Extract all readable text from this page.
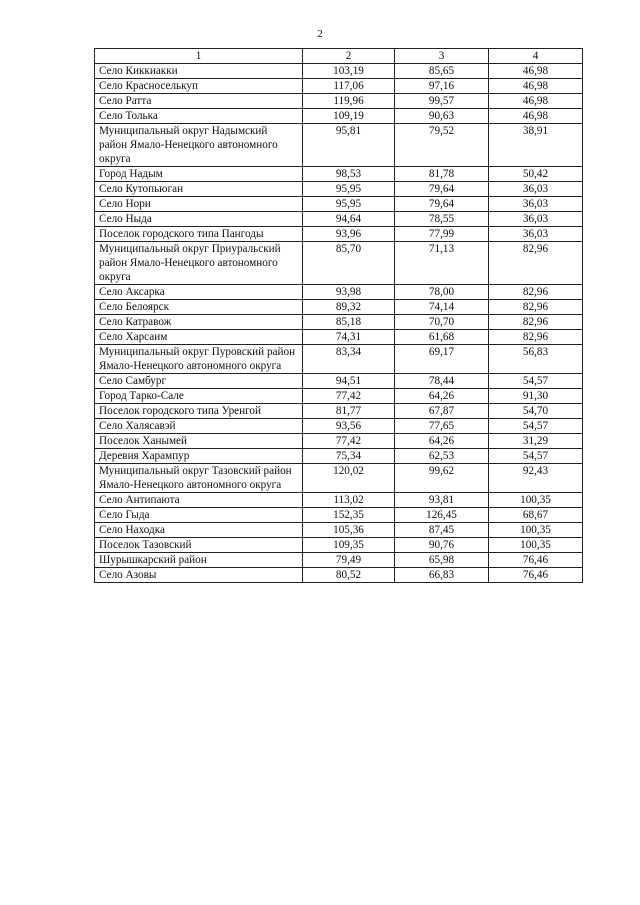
2
1	2	3	4
Село Киккиакки	103,19	85,65	46,98
Село Красноселькуп	117,06	97,16	46,98
Село Ратта	119,96	99,57	46,98
Село Толька	109,19	90,63	46,98
Муниципальный округ Надымский район Ямало-Ненецкого автономного округа	95,81	79,52	38,91
Город Надым	98,53	81,78	50,42
Село Кутопьюган	95,95	79,64	36,03
Село Нори	95,95	79,64	36,03
Село Ныда	94,64	78,55	36,03
Поселок городского типа Пангоды	93,96	77,99	36,03
Муниципальный округ Приуральский район Ямало-Ненецкого автономного округа	85,70	71,13	82,96
Село Аксарка	93,98	78,00	82,96
Село Белоярск	89,32	74,14	82,96
Село Катравож	85,18	70,70	82,96
Село Харсаим	74,31	61,68	82,96
Муниципальный округ Пуровский район Ямало-Ненецкого автономного округа	83,34	69,17	56,83
Село Самбург	94,51	78,44	54,57
Город Тарко-Сале	77,42	64,26	91,30
Поселок городского типа Уренгой	81,77	67,87	54,70
Село Халясавэй	93,56	77,65	54,57
Поселок Ханымей	77,42	64,26	31,29
Деревия Харампур	75,34	62,53	54,57
Муниципальный округ Тазовский район Ямало-Ненецкого автономного округа	120,02	99,62	92,43
Село Антипаюта	113,02	93,81	100,35
Село Гыда	152,35	126,45	68,67
Село Находка	105,36	87,45	100,35
Поселок Тазовский	109,35	90,76	100,35
Шурышкарский район	79,49	65,98	76,46
Село Азовы	80,52	66,83	76,46
